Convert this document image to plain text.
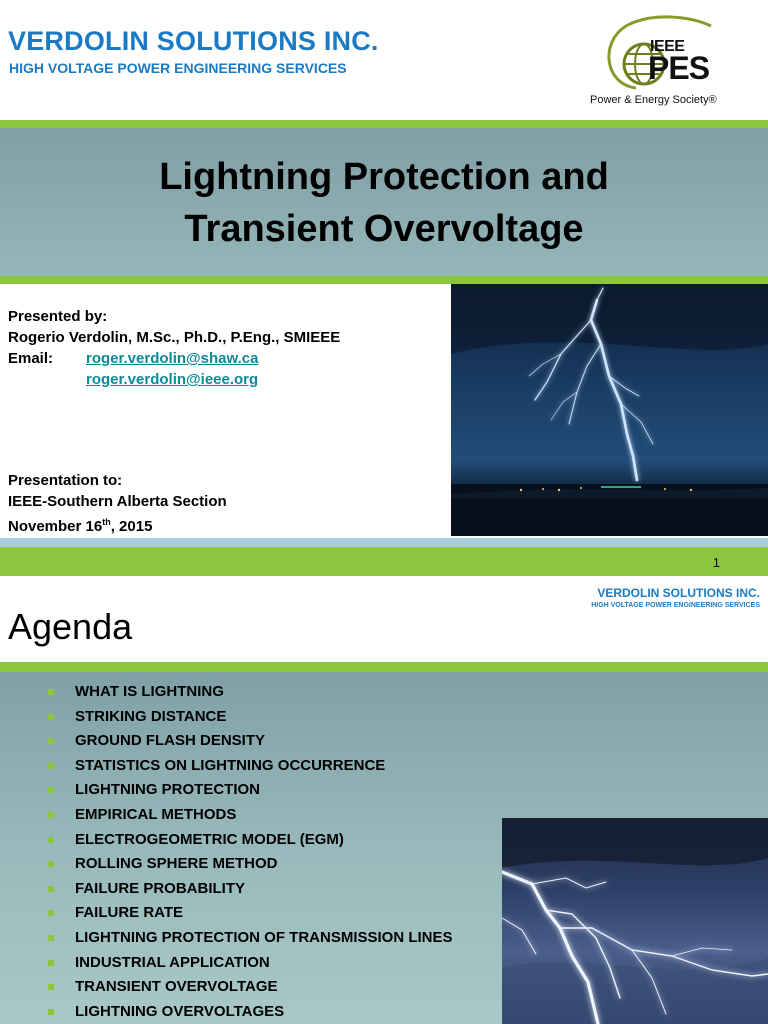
VERDOLIN SOLUTIONS INC.
HIGH VOLTAGE POWER ENGINEERING SERVICES
IEEE
PES
Power & Energy Society®
Lightning Protection and
Transient Overvoltage
Presented by:
Rogerio Verdolin, M.Sc., Ph.D., P.Eng., SMIEEE
Email: roger.verdolin@shaw.ca
roger.verdolin@ieee.org
Presentation to:
IEEE-Southern Alberta Section
November 16th, 2015
1
VERDOLIN SOLUTIONS INC.
HIGH VOLTAGE POWER ENGINEERING SERVICES
Agenda
WHAT IS LIGHTNING
STRIKING DISTANCE
GROUND FLASH DENSITY
STATISTICS ON LIGHTNING OCCURRENCE
LIGHTNING PROTECTION
EMPIRICAL METHODS
ELECTROGEOMETRIC MODEL (EGM)
ROLLING SPHERE METHOD
FAILURE PROBABILITY
FAILURE RATE
LIGHTNING PROTECTION OF TRANSMISSION LINES
INDUSTRIAL APPLICATION
TRANSIENT OVERVOLTAGE
LIGHTNING OVERVOLTAGES
